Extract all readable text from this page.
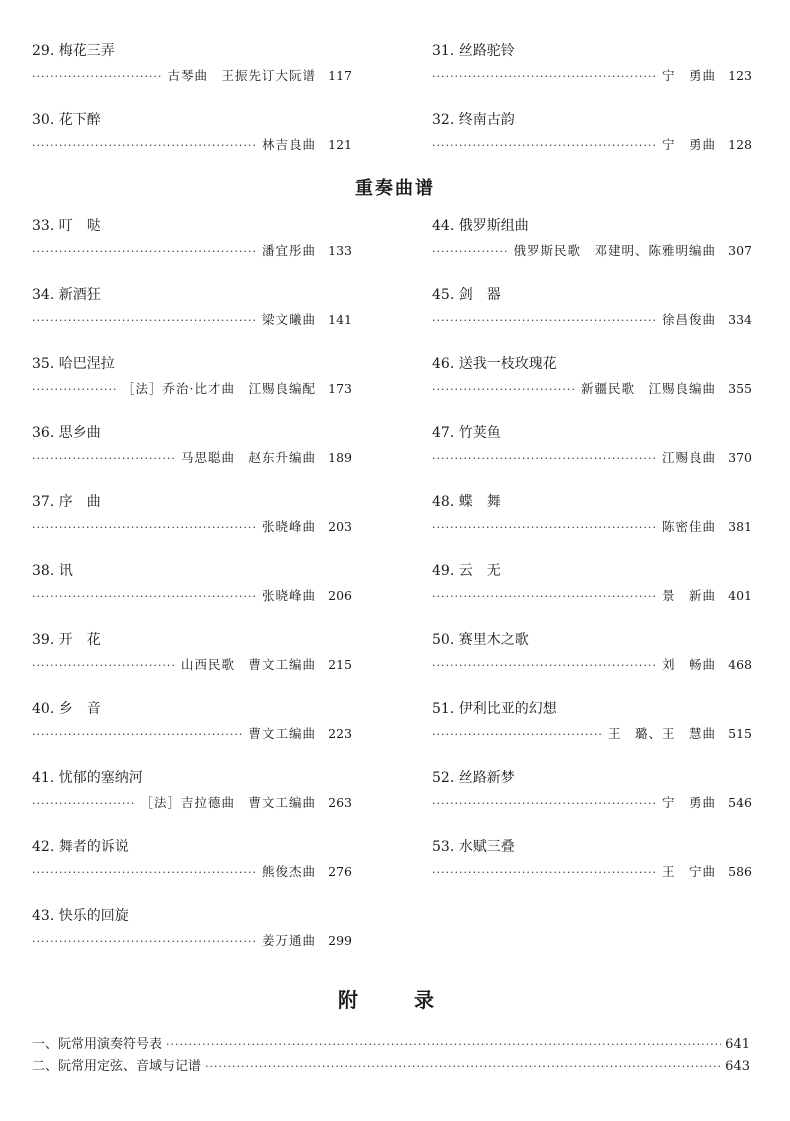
29. 梅花三弄
·····
古琴曲　王振先订大阮谱 117
30. 花下醉
·····
林吉良曲 121
31. 丝路驼铃
·····
宁　勇曲 123
32. 终南古韵
·····
宁　勇曲 128
重奏曲谱
33. 叮　哒
·····
潘宜彤曲 133
34. 新酒狂
·····
梁文曦曲 141
35. 哈巴涅拉
·····
［法］乔治·比才曲　江赐良编配 173
36. 思乡曲
·····
马思聪曲　赵东升编曲 189
37. 序　曲
·····
张晓峰曲 203
38. 讯
·····
张晓峰曲 206
39. 开　花
·····
山西民歌　曹文工编曲 215
40. 乡　音
·····
曹文工编曲 223
41. 忧郁的塞纳河
·····
［法］吉拉德曲　曹文工编曲 263
42. 舞者的诉说
·····
熊俊杰曲 276
43. 快乐的回旋
·····
姜万通曲 299
44. 俄罗斯组曲
·····
俄罗斯民歌　邓建明、陈雅明编曲 307
45. 剑　器
·····
徐昌俊曲 334
46. 送我一枝玫瑰花
·····
新疆民歌　江赐良编曲 355
47. 竹荚鱼
·····
江赐良曲 370
48. 蝶　舞
·····
陈密佳曲 381
49. 云　无
·····
景　新曲 401
50. 赛里木之歌
·····
刘　畅曲 468
51. 伊利比亚的幻想
·····
王　璐、王　慧曲 515
52. 丝路新梦
·····
宁　勇曲 546
53. 水赋三叠
·····
王　宁曲 586
附　录
一、阮常用演奏符号表 ·····	641
二、阮常用定弦、音域与记谱 ·····	643
